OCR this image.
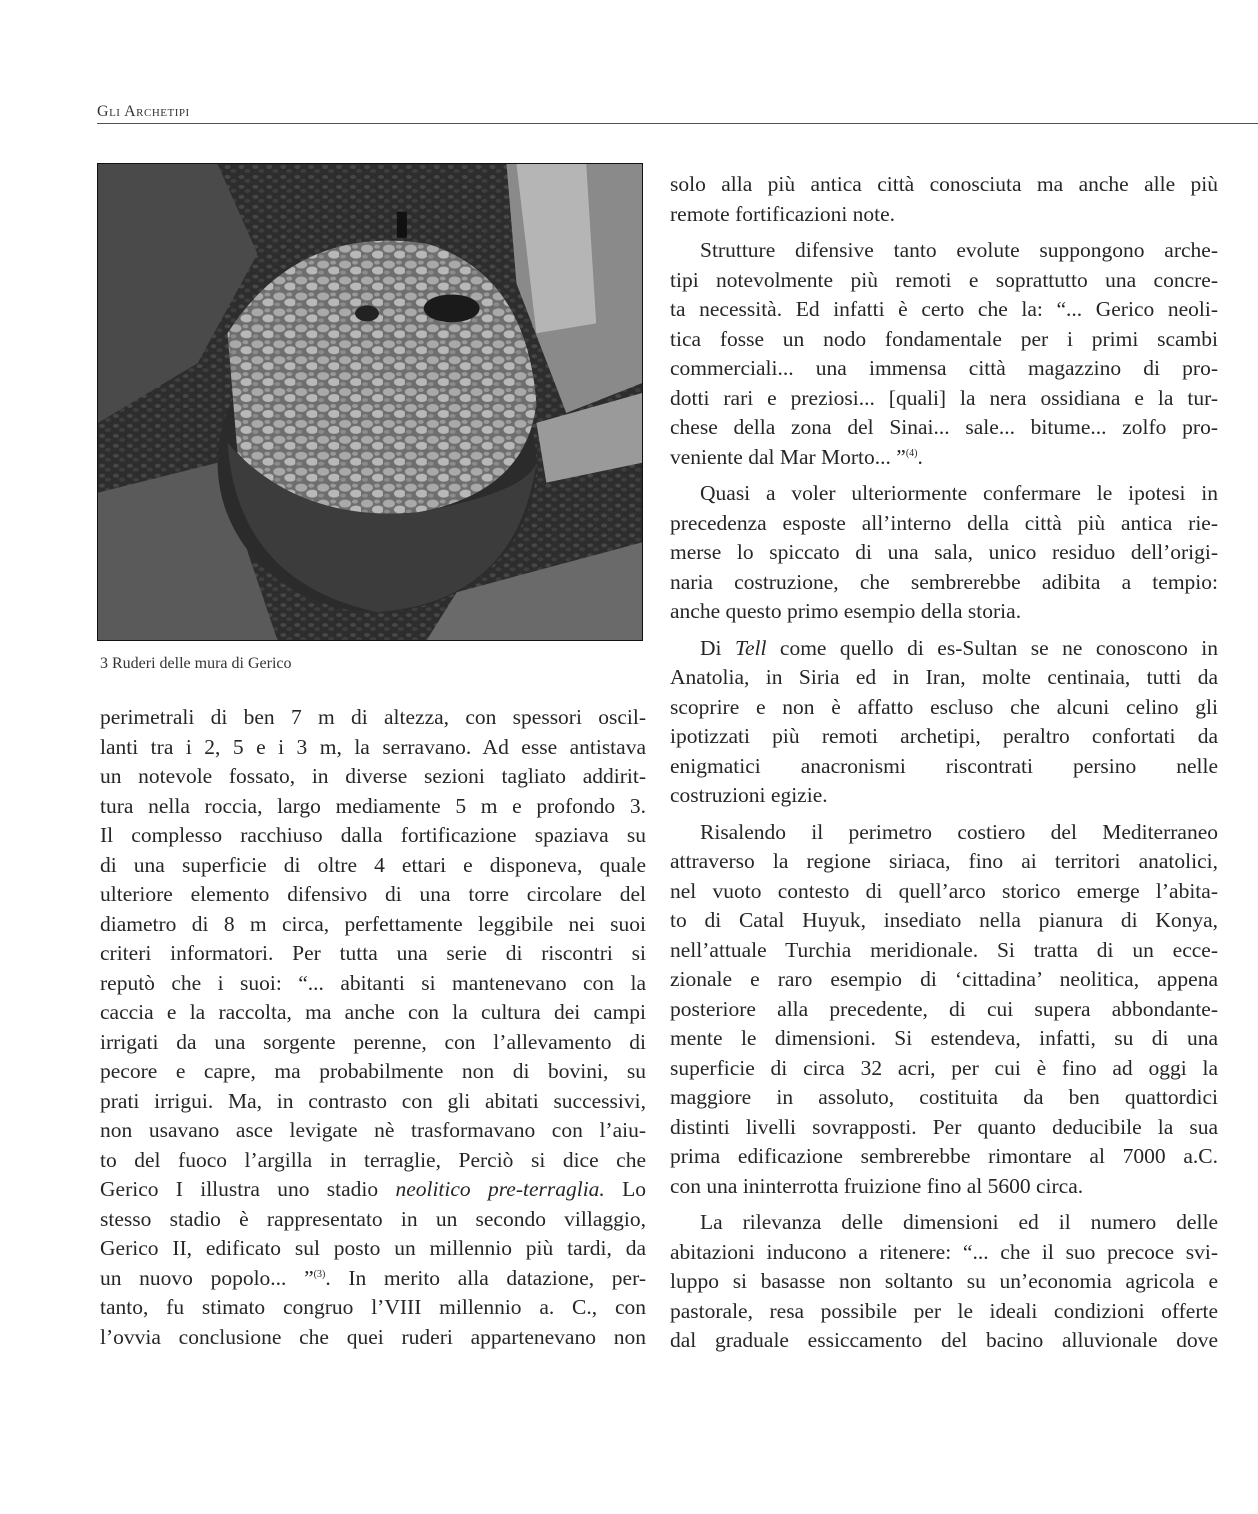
Gli Archetipi
3 Ruderi delle mura di Gerico
perimetrali di ben 7 m di altezza, con spessori oscil-
lanti tra i 2, 5 e i 3 m, la serravano. Ad esse antistava
un notevole fossato, in diverse sezioni tagliato addirit-
tura nella roccia, largo mediamente 5 m e profondo 3.
Il complesso racchiuso dalla fortificazione spaziava su
di una superficie di oltre 4 ettari e disponeva, quale
ulteriore elemento difensivo di una torre circolare del
diametro di 8 m circa, perfettamente leggibile nei suoi
criteri informatori. Per tutta una serie di riscontri si
reputò che i suoi: “... abitanti si mantenevano con la
caccia e la raccolta, ma anche con la cultura dei campi
irrigati da una sorgente perenne, con l’allevamento di
pecore e capre, ma probabilmente non di bovini, su
prati irrigui. Ma, in contrasto con gli abitati successivi,
non usavano asce levigate nè trasformavano con l’aiu-
to del fuoco l’argilla in terraglie, Perciò si dice che
Gerico I illustra uno stadio neolitico pre-terraglia. Lo
stesso stadio è rappresentato in un secondo villaggio,
Gerico II, edificato sul posto un millennio più tardi, da
un nuovo popolo... ”$^{(3)}$. In merito alla datazione, per-
tanto, fu stimato congruo l’VIII millennio a. C., con
l’ovvia conclusione che quei ruderi appartenevano non
solo alla più antica città conosciuta ma anche alle più
remote fortificazioni note.
Strutture difensive tanto evolute suppongono arche-
tipi notevolmente più remoti e soprattutto una concre-
ta necessità. Ed infatti è certo che la: “... Gerico neoli-
tica fosse un nodo fondamentale per i primi scambi
commerciali... una immensa città magazzino di pro-
dotti rari e preziosi... [quali] la nera ossidiana e la tur-
chese della zona del Sinai... sale... bitume... zolfo pro-
veniente dal Mar Morto... ”$^{(4)}$.
Quasi a voler ulteriormente confermare le ipotesi in
precedenza esposte all’interno della città più antica rie-
merse lo spiccato di una sala, unico residuo dell’origi-
naria costruzione, che sembrerebbe adibita a tempio:
anche questo primo esempio della storia.
Di Tell come quello di es-Sultan se ne conoscono in
Anatolia, in Siria ed in Iran, molte centinaia, tutti da
scoprire e non è affatto escluso che alcuni celino gli
ipotizzati più remoti archetipi, peraltro confortati da
enigmatici anacronismi riscontrati persino nelle
costruzioni egizie.
Risalendo il perimetro costiero del Mediterraneo
attraverso la regione siriaca, fino ai territori anatolici,
nel vuoto contesto di quell’arco storico emerge l’abita-
to di Catal Huyuk, insediato nella pianura di Konya,
nell’attuale Turchia meridionale. Si tratta di un ecce-
zionale e raro esempio di ‘cittadina’ neolitica, appena
posteriore alla precedente, di cui supera abbondante-
mente le dimensioni. Si estendeva, infatti, su di una
superficie di circa 32 acri, per cui è fino ad oggi la
maggiore in assoluto, costituita da ben quattordici
distinti livelli sovrapposti. Per quanto deducibile la sua
prima edificazione sembrerebbe rimontare al 7000 a.C.
con una ininterrotta fruizione fino al 5600 circa.
La rilevanza delle dimensioni ed il numero delle
abitazioni inducono a ritenere: “... che il suo precoce svi-
luppo si basasse non soltanto su un’economia agricola e
pastorale, resa possibile per le ideali condizioni offerte
dal graduale essiccamento del bacino alluvionale dove
